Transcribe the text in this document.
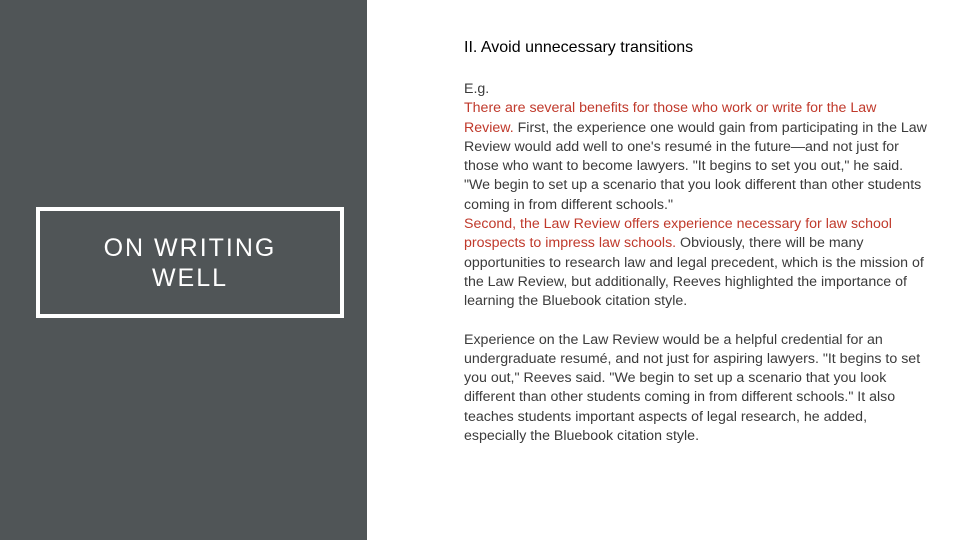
ON WRITING WELL
II. Avoid unnecessary transitions

E.g.
There are several benefits for those who work or write for the Law Review. First, the experience one would gain from participating in the Law Review would add well to one's resumé in the future—and not just for those who want to become lawyers. "It begins to set you out," he said. "We begin to set up a scenario that you look different than other students coming in from different schools."
Second, the Law Review offers experience necessary for law school prospects to impress law schools. Obviously, there will be many opportunities to research law and legal precedent, which is the mission of the Law Review, but additionally, Reeves highlighted the importance of learning the Bluebook citation style.

Experience on the Law Review would be a helpful credential for an undergraduate resumé, and not just for aspiring lawyers. "It begins to set you out," Reeves said. "We begin to set up a scenario that you look different than other students coming in from different schools." It also teaches students important aspects of legal research, he added, especially the Bluebook citation style.
